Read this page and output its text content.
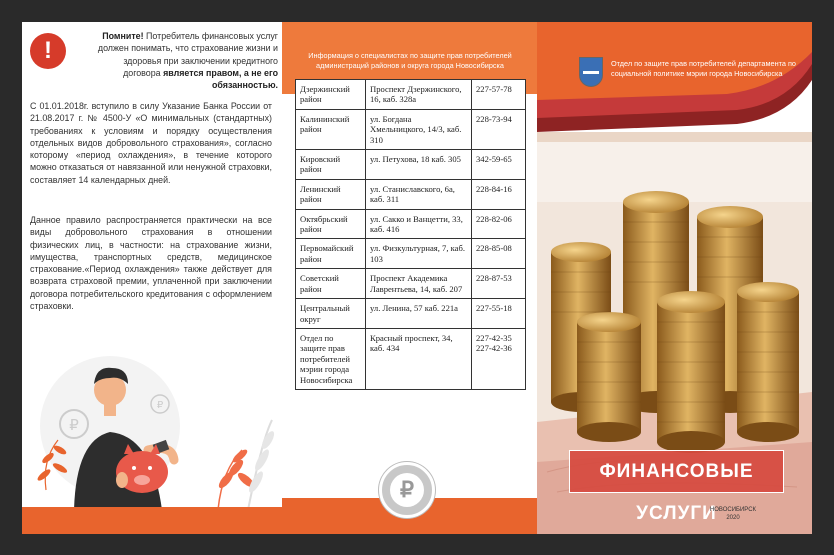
!

Помните! Потребитель финансовых услуг должен понимать, что страхование жизни и здоровья при заключении кредитного договора является правом, а не его обязанностью.

С 01.01.2018г. вступило в силу Указание Банка России от 21.08.2017 г. № 4500-У «О минимальных (стандартных) требованиях к условиям и порядку осуществления отдельных видов добровольного страхования», согласно которому «период охлаждения», в течение которого можно отказаться от навязанной или ненужной страховки, составляет 14 календарных дней.

Данное правило распространяется практически на все виды добровольного страхования в отношении физических лиц, в частности: на страхование жизни, имущества, транспортных средств, медицинское страхование.«Период охлаждения» также действует для возврата страховой премии, уплаченной при заключении договора потребительского кредитования с оформлением страховки.

₽
₽

Информация о специалистах по защите прав потребителей администраций районов и округа города Новосибирска

Дзержинский район	Проспект Дзержинского, 16, каб. 328а	227-57-78
Калининский район	ул. Богдана Хмельницкого, 14/3, каб. 310	228-73-94
Кировский район	ул. Петухова, 18 каб. 305	342-59-65
Ленинский район	ул. Станиславского, 6а, каб. 311	228-84-16
Октябрьский район	ул. Сакко и Ванцетти, 33, каб. 416	228-82-06
Первомайский район	ул. Физкультурная, 7, каб. 103	228-85-08
Советский район	Проспект Академика Лаврентьева, 14, каб. 207	228-87-53
Центральный округ	ул. Ленина, 57 каб. 221а	227-55-18
Отдел по защите прав потребителей мэрии города Новосибирска	Красный проспект, 34, каб. 434	227-42-35 227-42-36
₽

Отдел по защите прав потребителей департамента по социальной политике мэрии города Новосибирска

ФИНАНСОВЫЕ УСЛУГИ
НОВОСИБИРСК
2020
